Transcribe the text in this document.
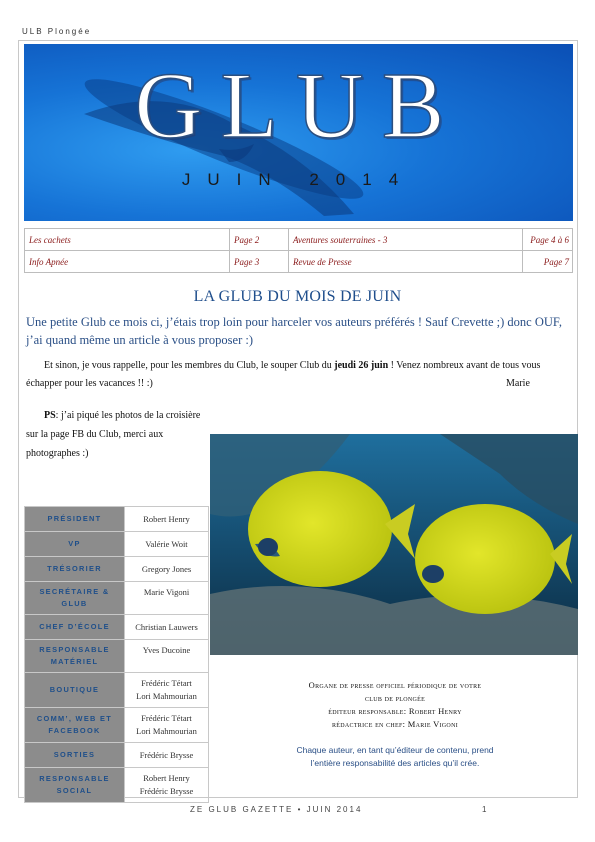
ULB Plongée
GLUB
JUIN 2014
Les cachets	Page 2	Aventures souterraines - 3	Page 4 à 6
Info Apnée	Page 3	Revue de Presse	Page 7
LA GLUB DU MOIS DE JUIN
Une petite Glub ce mois ci, j’étais trop loin pour harceler vos auteurs préférés ! Sauf Crevette ;) donc OUF, j’ai quand même un article à vous proposer :)
Et sinon, je vous rappelle, pour les membres du Club, le souper Club du jeudi 26 juin ! Venez nombreux avant de tous vous échapper pour les vacances !! :)	Marie
PS: j’ai piqué les photos de la croisière sur la page FB du Club, merci aux photographes :)
PRÉSIDENT	Robert Henry

VP	Valérie Woit

TRÉSORIER	Gregory Jones

SECRÉTAIRE & GLUB	Marie Vigoni

CHEF D’ÉCOLE	Christian Lauwers

RESPONSABLE MATÉRIEL	Yves Ducoine

BOUTIQUE	Frédéric Tétart
Lori Mahmourian

COMM’, WEB ET FACEBOOK	Frédéric Tétart
Lori Mahmourian

SORTIES	Frédéric Brysse

RESPONSABLE SOCIAL	Robert Henry
Frédéric Brysse
Organe de presse officiel périodique de votre
club de plongée
éditeur responsable: Robert Henry
rédactrice en chef: Marie Vigoni
Chaque auteur, en tant qu’éditeur de contenu, prend
l’entière responsabilité des articles qu’il crée.
ZE GLUB GAZETTE • JUIN 2014	1
